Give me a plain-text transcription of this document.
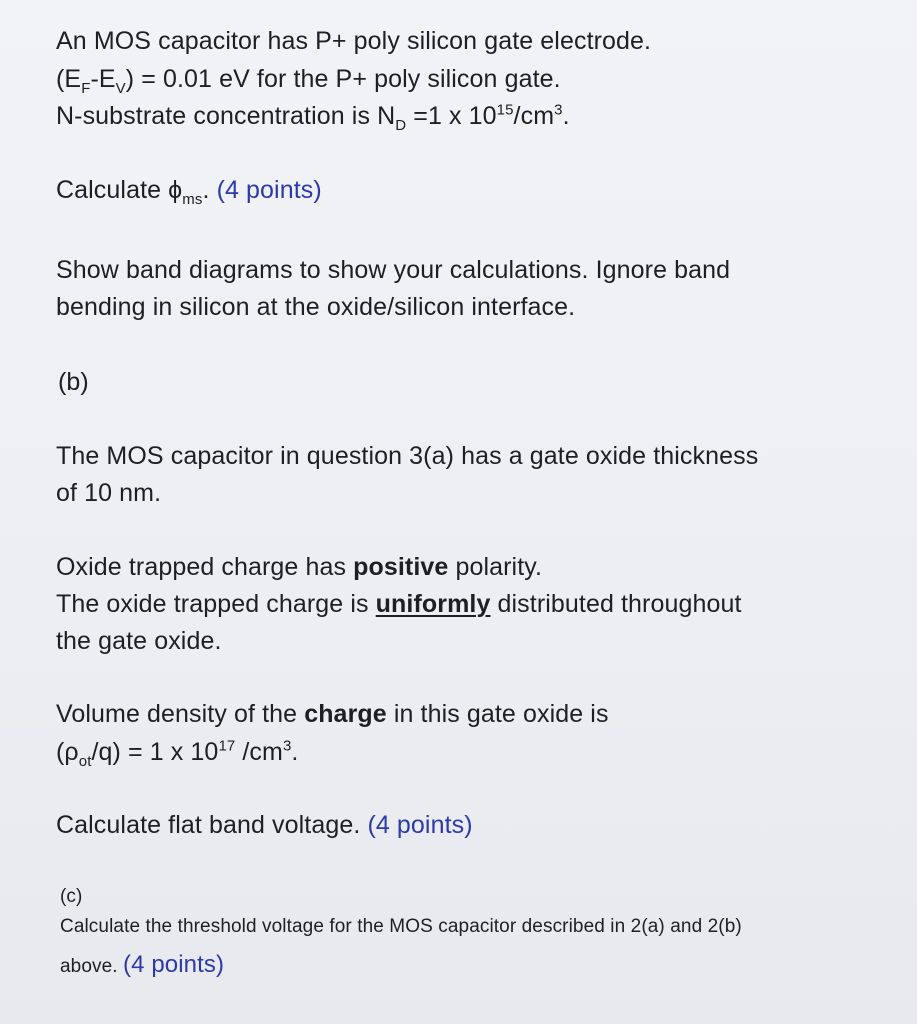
An MOS capacitor has P+ poly silicon gate electrode.
$(E_F-E_V) = 0.01$ eV for the P+ poly silicon gate.
N-substrate concentration is $N_D =1$ x $10^{15}/cm^3$.
Calculate $\phi_{ms}$. (4 points)
Show band diagrams to show your calculations. Ignore band
bending in silicon at the oxide/silicon interface.
(b)
The MOS capacitor in question 3(a) has a gate oxide thickness
of 10 nm.
Oxide trapped charge has positive polarity.
The oxide trapped charge is uniformly distributed throughout
the gate oxide.
Volume density of the charge in this gate oxide is
$(\rho_{ot}/q) = 1$ x $10^{17}$ $/cm^3$.
Calculate flat band voltage. (4 points)
(c)
Calculate the threshold voltage for the MOS capacitor described in 2(a) and 2(b)
above. (4 points)
